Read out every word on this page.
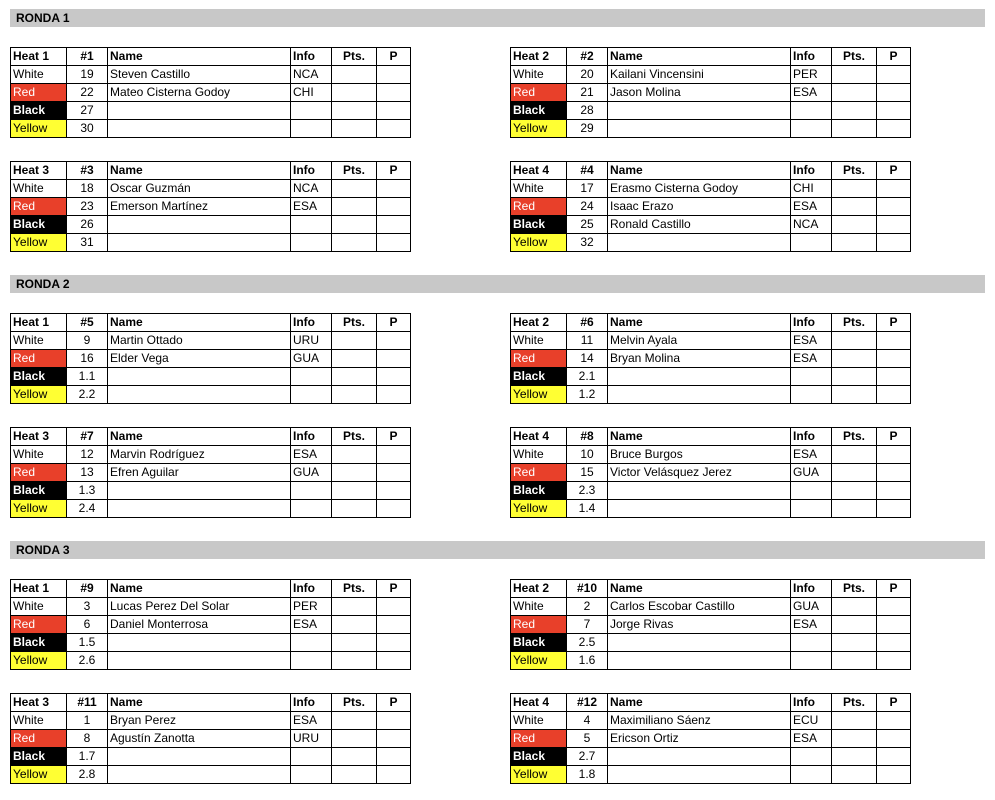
RONDA 1
Heat 1	#1	Name	Info	Pts.	P
White	19	Steven Castillo	NCA		
Red	22	Mateo Cisterna Godoy	CHI		
Black	27				
Yellow	30				
Heat 2	#2	Name	Info	Pts.	P
White	20	Kailani Vincensini	PER		
Red	21	Jason Molina	ESA		
Black	28				
Yellow	29				
Heat 3	#3	Name	Info	Pts.	P
White	18	Oscar Guzmán	NCA		
Red	23	Emerson Martínez	ESA		
Black	26				
Yellow	31				
Heat 4	#4	Name	Info	Pts.	P
White	17	Erasmo Cisterna Godoy	CHI		
Red	24	Isaac Erazo	ESA		
Black	25	Ronald Castillo	NCA		
Yellow	32				
RONDA 2
Heat 1	#5	Name	Info	Pts.	P
White	9	Martin Ottado	URU		
Red	16	Elder Vega	GUA		
Black	1.1				
Yellow	2.2				
Heat 2	#6	Name	Info	Pts.	P
White	11	Melvin Ayala	ESA		
Red	14	Bryan Molina	ESA		
Black	2.1				
Yellow	1.2				
Heat 3	#7	Name	Info	Pts.	P
White	12	Marvin Rodríguez	ESA		
Red	13	Efren Aguilar	GUA		
Black	1.3				
Yellow	2.4				
Heat 4	#8	Name	Info	Pts.	P
White	10	Bruce Burgos	ESA		
Red	15	Victor Velásquez Jerez	GUA		
Black	2.3				
Yellow	1.4				
RONDA 3
Heat 1	#9	Name	Info	Pts.	P
White	3	Lucas Perez Del Solar	PER		
Red	6	Daniel Monterrosa	ESA		
Black	1.5				
Yellow	2.6				
Heat 2	#10	Name	Info	Pts.	P
White	2	Carlos Escobar Castillo	GUA		
Red	7	Jorge Rivas	ESA		
Black	2.5				
Yellow	1.6				
Heat 3	#11	Name	Info	Pts.	P
White	1	Bryan Perez	ESA		
Red	8	Agustín Zanotta	URU		
Black	1.7				
Yellow	2.8				
Heat 4	#12	Name	Info	Pts.	P
White	4	Maximiliano Sáenz	ECU		
Red	5	Ericson Ortiz	ESA		
Black	2.7				
Yellow	1.8				
